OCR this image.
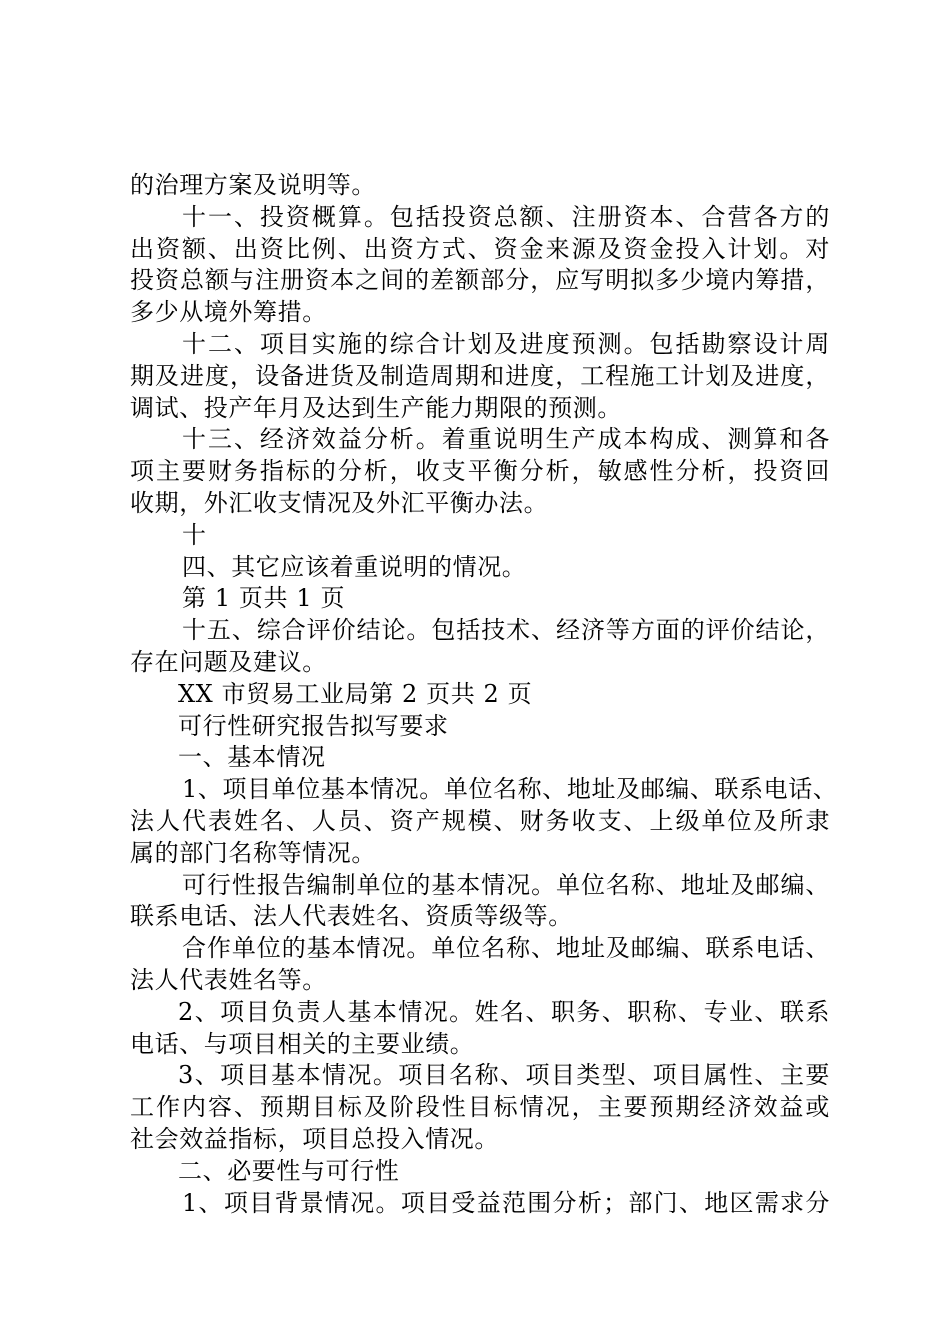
的治理方案及说明等。
十一、投资概算。包括投资总额、注册资本、合营各方的
出资额、出资比例、出资方式、资金来源及资金投入计划。对
投资总额与注册资本之间的差额部分，应写明拟多少境内筹措，
多少从境外筹措。
十二、项目实施的综合计划及进度预测。包括勘察设计周
期及进度，设备进货及制造周期和进度，工程施工计划及进度，
调试、投产年月及达到生产能力期限的预测。
十三、经济效益分析。着重说明生产成本构成、测算和各
项主要财务指标的分析，收支平衡分析，敏感性分析，投资回
收期，外汇收支情况及外汇平衡办法。
十
四、其它应该着重说明的情况。
第 1 页共 1 页
十五、综合评价结论。包括技术、经济等方面的评价结论，
存在问题及建议。
XX 市贸易工业局第 2 页共 2 页
可行性研究报告拟写要求
一、基本情况
1、项目单位基本情况。单位名称、地址及邮编、联系电话、
法人代表姓名、人员、资产规模、财务收支、上级单位及所隶
属的部门名称等情况。
可行性报告编制单位的基本情况。单位名称、地址及邮编、
联系电话、法人代表姓名、资质等级等。
合作单位的基本情况。单位名称、地址及邮编、联系电话、
法人代表姓名等。
2、项目负责人基本情况。姓名、职务、职称、专业、联系
电话、与项目相关的主要业绩。
3、项目基本情况。项目名称、项目类型、项目属性、主要
工作内容、预期目标及阶段性目标情况，主要预期经济效益或
社会效益指标，项目总投入情况。
二、必要性与可行性
1、项目背景情况。项目受益范围分析；部门、地区需求分
